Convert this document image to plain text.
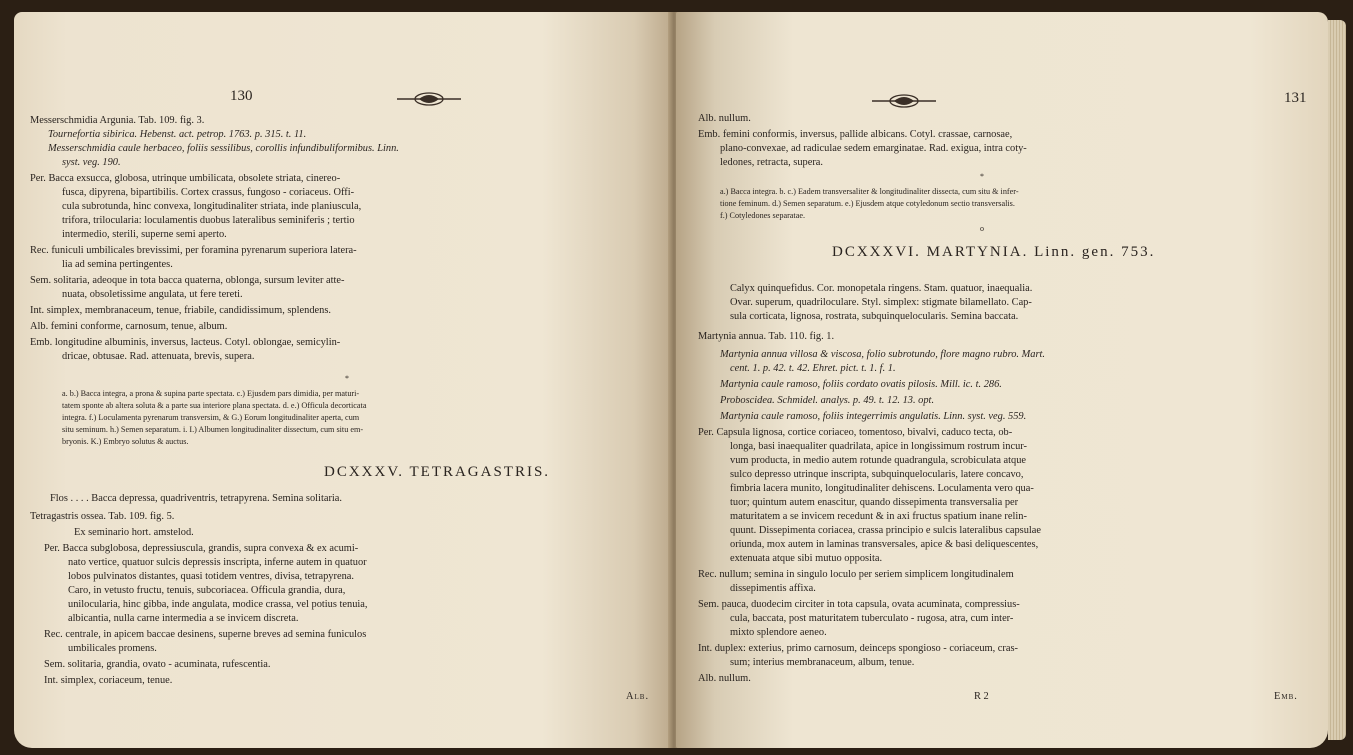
130
Messerschmidia Argunia. Tab. 109. fig. 3.
Tournefortia sibirica. Hebenst. act. petrop. 1763. p. 315. t. 11.
Messerschmidia caule herbaceo, foliis sessilibus, corollis infundibuliformibus. Linn.
syst. veg. 190.
Per. Bacca exsucca, globosa, utrinque umbilicata, obsolete striata, cinereo-
fusca, dipyrena, bipartibilis. Cortex crassus, fungoso - coriaceus. Offi-
cula subrotunda, hinc convexa, longitudinaliter striata, inde planiuscula,
trifora, trilocularia: loculamentis duobus lateralibus seminiferis ; tertio
intermedio, sterili, superne semi aperto.
Rec. funiculi umbilicales brevissimi, per foramina pyrenarum superiora latera-
lia ad semina pertingentes.
Sem. solitaria, adeoque in tota bacca quaterna, oblonga, sursum leviter atte-
nuata, obsoletissime angulata, ut fere tereti.
Int. simplex, membranaceum, tenue, friabile, candidissimum, splendens.
Alb. femini conforme, carnosum, tenue, album.
Emb. longitudine albuminis, inversus, lacteus. Cotyl. oblongae, semicylin-
dricae, obtusae. Rad. attenuata, brevis, supera.
*
a. b.) Bacca integra, a prona & supina parte spectata. c.) Ejusdem pars dimidia, per maturi-
tatem sponte ab altera soluta & a parte sua interiore plana spectata. d. e.) Officula decorticata
integra. f.) Loculamenta pyrenarum transversim, & G.) Eorum longitudinaliter aperta, cum
situ seminum. h.) Semen separatum. i. I.) Albumen longitudinaliter dissectum, cum situ em-
bryonis. K.) Embryo solutus & auctus.
DCXXXV. TETRAGASTRIS.
Flos . . . . Bacca depressa, quadriventris, tetrapyrena. Semina solitaria.
Tetragastris ossea. Tab. 109. fig. 5.
Ex seminario hort. amstelod.
Per. Bacca subglobosa, depressiuscula, grandis, supra convexa & ex acumi-
nato vertice, quatuor sulcis depressis inscripta, inferne autem in quatuor
lobos pulvinatos distantes, quasi totidem ventres, divisa, tetrapyrena.
Caro, in vetusto fructu, tenuis, subcoriacea. Officula grandia, dura,
unilocularia, hinc gibba, inde angulata, modice crassa, vel potius tenuia,
albicantia, nulla carne intermedia a se invicem discreta.
Rec. centrale, in apicem baccae desinens, superne breves ad semina funiculos
umbilicales promens.
Sem. solitaria, grandia, ovato - acuminata, rufescentia.
Int. simplex, coriaceum, tenue.
Alb.
131
Alb. nullum.
Emb. femini conformis, inversus, pallide albicans. Cotyl. crassae, carnosae,
plano-convexae, ad radiculae sedem emarginatae. Rad. exigua, intra coty-
ledones, retracta, supera.
*
a.) Bacca integra. b. c.) Eadem transversaliter & longitudinaliter dissecta, cum situ & infer-
tione feminum. d.) Semen separatum. e.) Ejusdem atque cotyledonum sectio transversalis.
f.) Cotyledones separatae.
o
DCXXXVI. MARTYNIA. Linn. gen. 753.
Calyx quinquefidus. Cor. monopetala ringens. Stam. quatuor, inaequalia.
Ovar. superum, quadriloculare. Styl. simplex: stigmate bilamellato. Cap-
sula corticata, lignosa, rostrata, subquinquelocularis. Semina baccata.
Martynia annua. Tab. 110. fig. 1.
Martynia annua villosa & viscosa, folio subrotundo, flore magno rubro. Mart.
cent. 1. p. 42. t. 42. Ehret. pict. t. 1. f. 1.
Martynia caule ramoso, foliis cordato ovatis pilosis. Mill. ic. t. 286.
Proboscidea. Schmidel. analys. p. 49. t. 12. 13. opt.
Martynia caule ramoso, foliis integerrimis angulatis. Linn. syst. veg. 559.
Per. Capsula lignosa, cortice coriaceo, tomentoso, bivalvi, caduco tecta, ob-
longa, basi inaequaliter quadrilata, apice in longissimum rostrum incur-
vum producta, in medio autem rotunde quadrangula, scrobiculata atque
sulco depresso utrinque inscripta, subquinquelocularis, latere concavo,
fimbria lacera munito, longitudinaliter dehiscens. Loculamenta vero qua-
tuor; quintum autem enascitur, quando dissepimenta transversalia per
maturitatem a se invicem recedunt & in axi fructus spatium inane relin-
quunt. Dissepimenta coriacea, crassa principio e sulcis lateralibus capsulae
oriunda, mox autem in laminas transversales, apice & basi deliquescentes,
extenuata atque sibi mutuo opposita.
Rec. nullum; semina in singulo loculo per seriem simplicem longitudinalem
dissepimentis affixa.
Sem. pauca, duodecim circiter in tota capsula, ovata acuminata, compressius-
cula, baccata, post maturitatem tuberculato - rugosa, atra, cum inter-
mixto splendore aeneo.
Int. duplex: exterius, primo carnosum, deinceps spongioso - coriaceum, cras-
sum; interius membranaceum, album, tenue.
Alb. nullum.
R 2	Emb.
